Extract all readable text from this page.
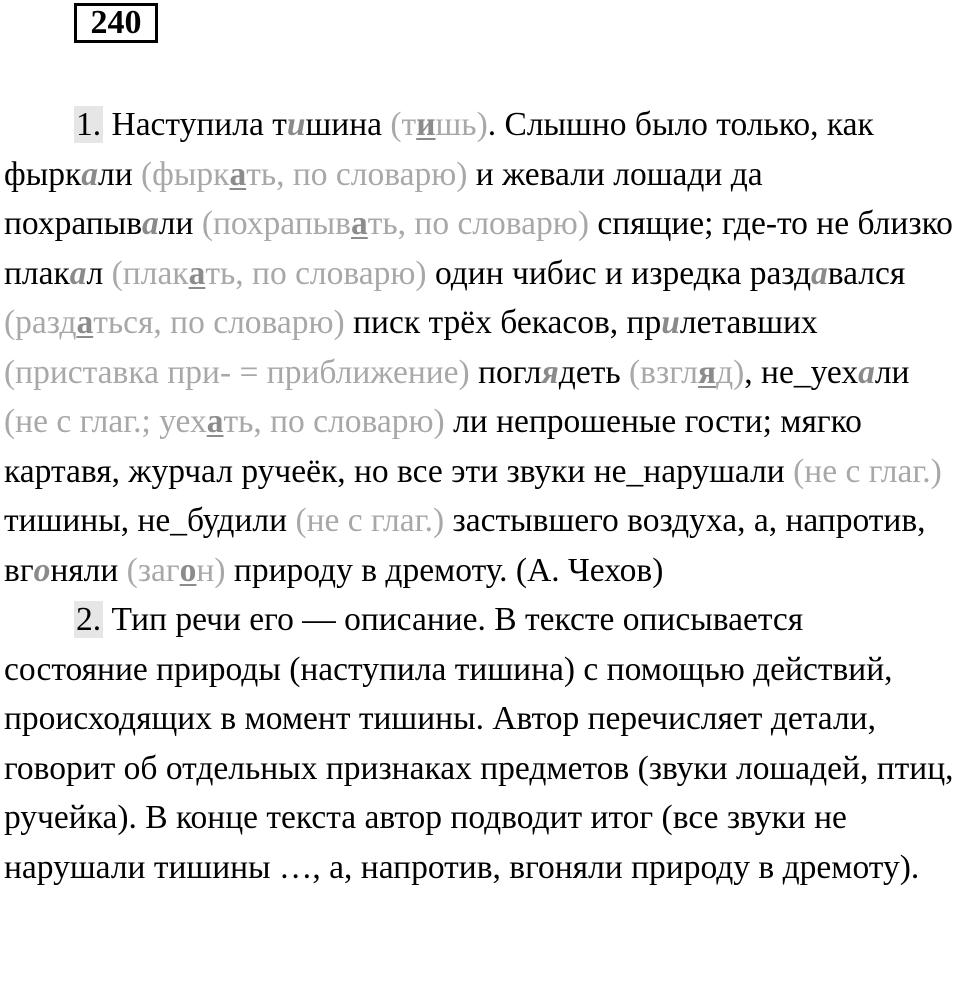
240

1. Наступила тишина (тишь). Слышно было только, как фыркали (фыркать, по словарю) и жевали лошади да похрапывали (похрапывать, по словарю) спящие; где-то не близко плакал (плакать, по словарю) один чибис и изредка раздавался (раздаться, по словарю) писк трёх бекасов, прилетавших (приставка при- = приближение) поглядеть (взгляд), не_уехали (не с глаг.; уехать, по словарю) ли непрошеные гости; мягко картавя, журчал ручеёк, но все эти звуки не_нарушали (не с глаг.) тишины, не_будили (не с глаг.) застывшего воздуха, а, напротив, вгоняли (загон) природу в дремоту. (А. Чехов)

2. Тип речи его — описание. В тексте описывается состояние природы (наступила тишина) с помощью действий, происходящих в момент тишины. Автор перечисляет детали, говорит об отдельных признаках предметов (звуки лошадей, птиц, ручейка). В конце текста автор подводит итог (все звуки не нарушали тишины …, а, напротив, вгоняли природу в дремоту).
